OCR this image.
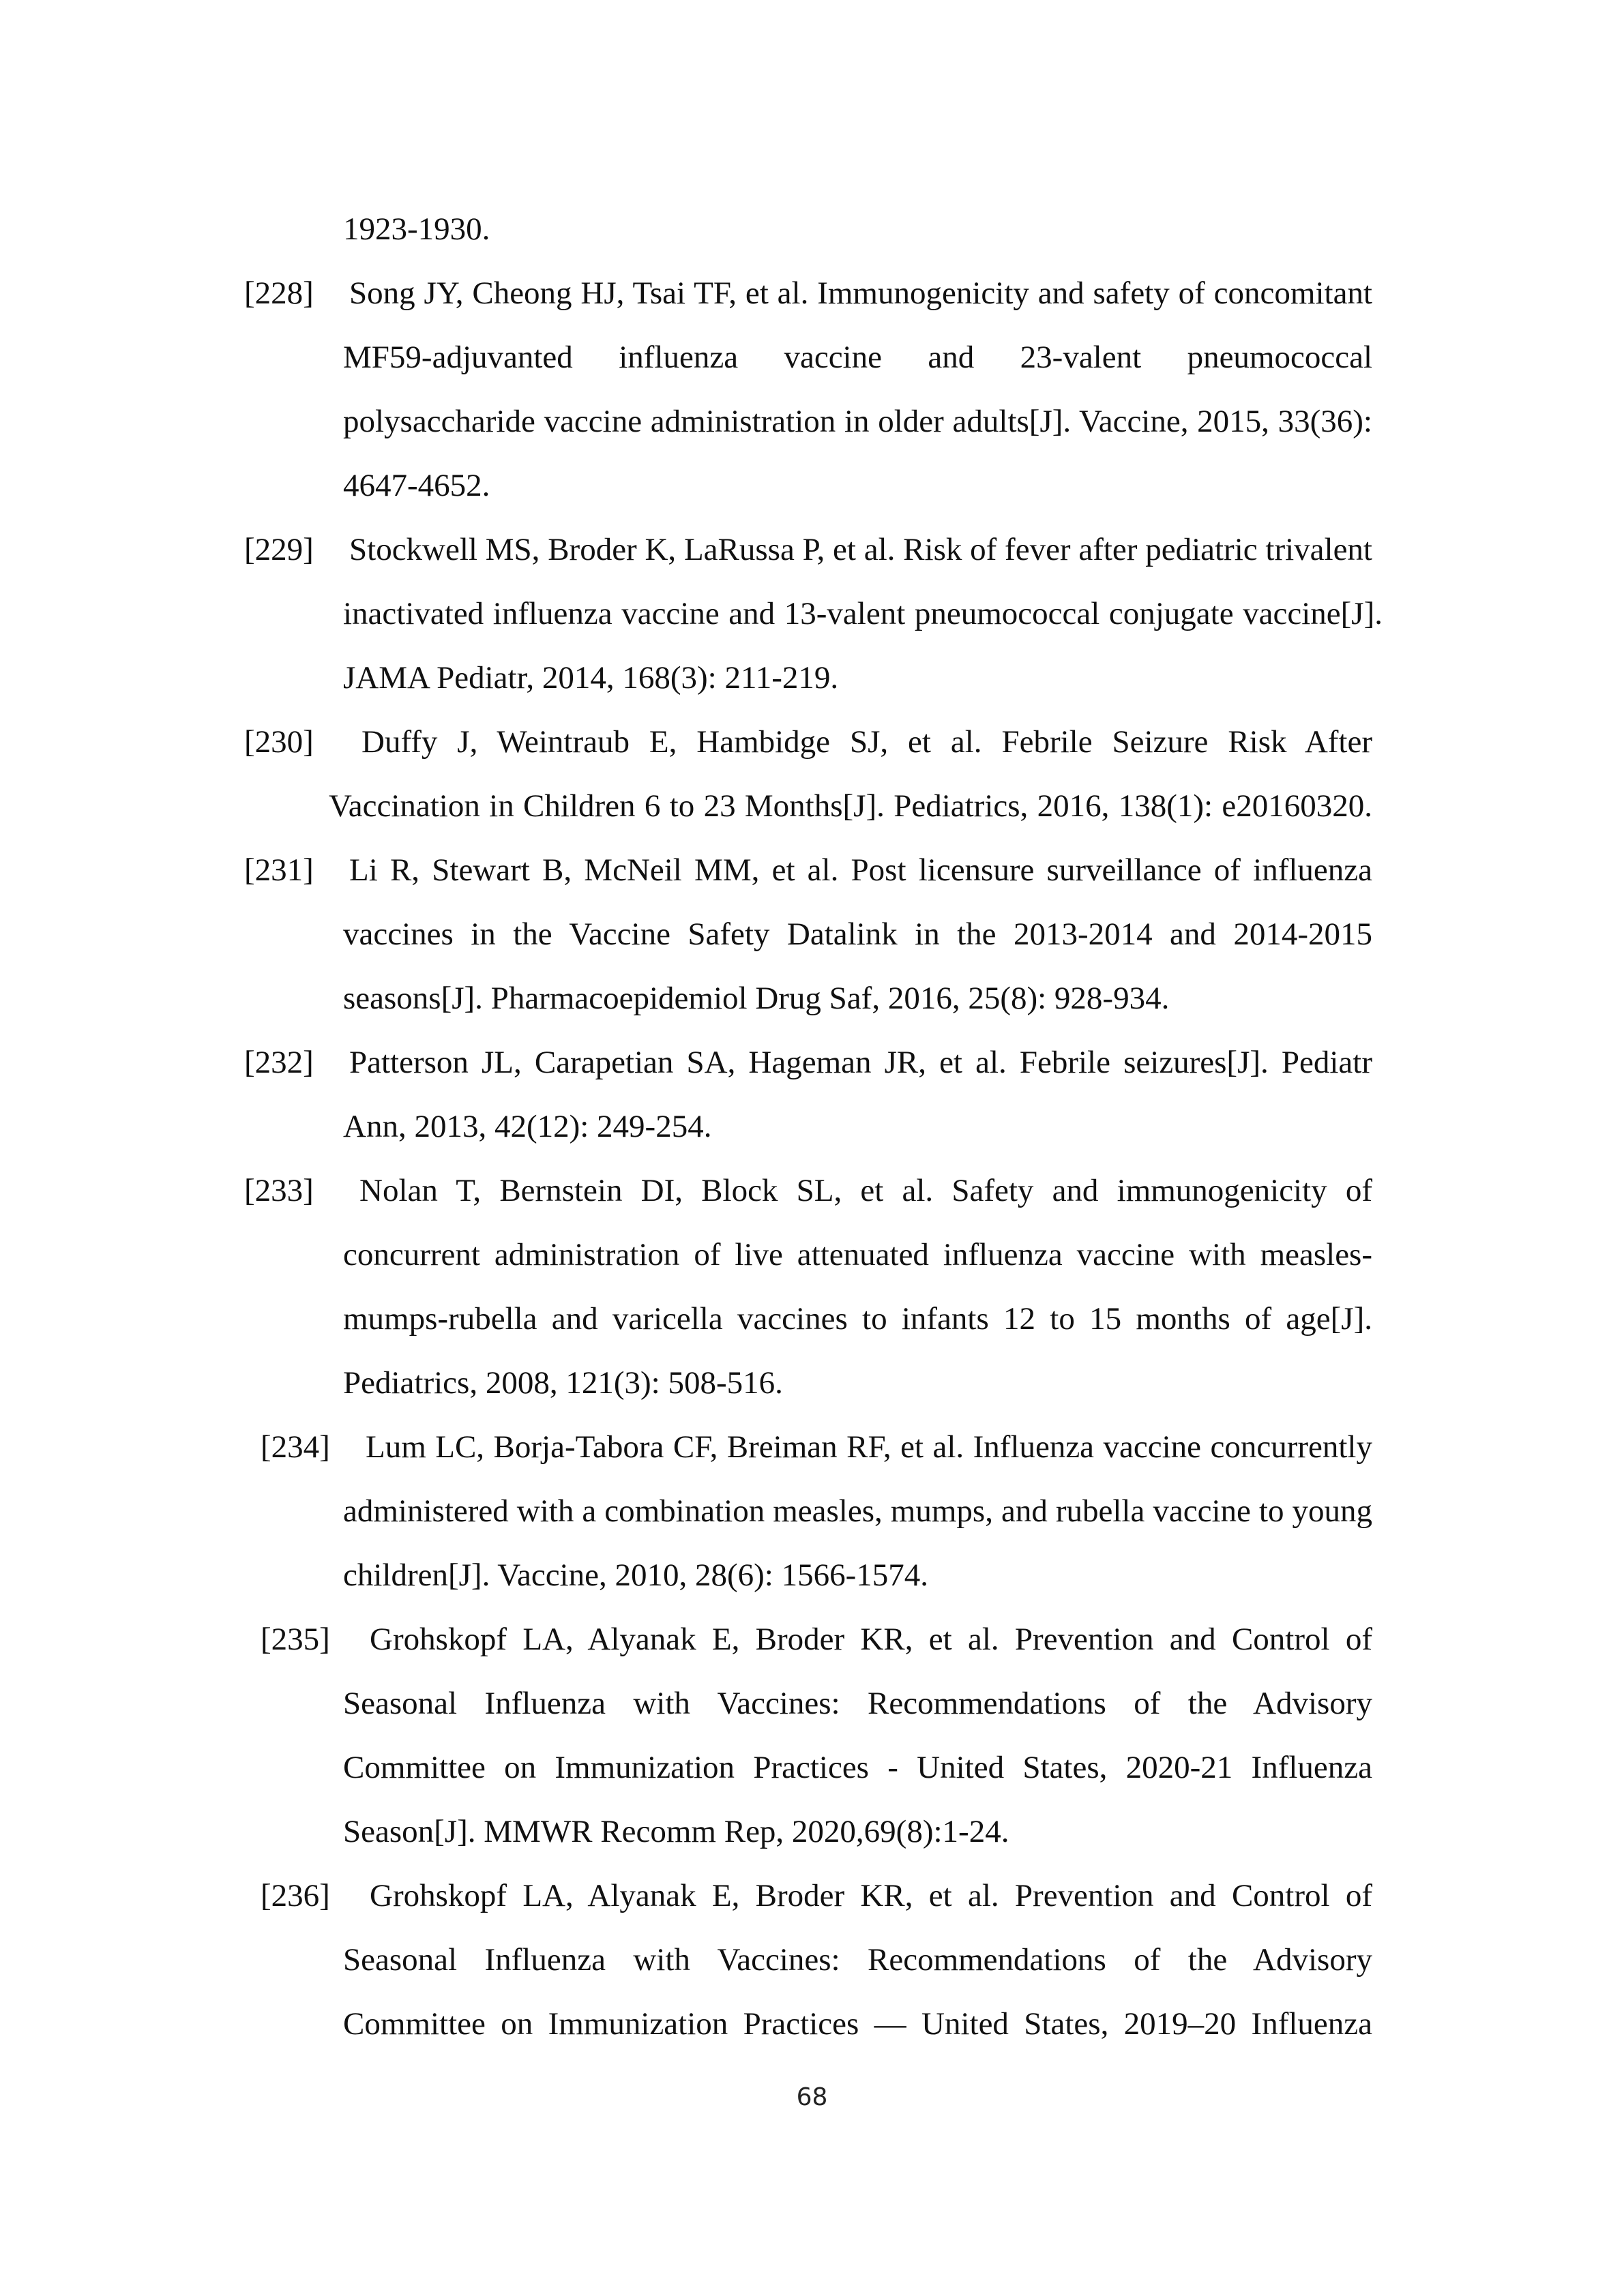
1923-1930.
[228] Song JY, Cheong HJ, Tsai TF, et al. Immunogenicity and safety of concomitant
MF59-adjuvanted influenza vaccine and 23-valent pneumococcal
polysaccharide vaccine administration in older adults[J]. Vaccine, 2015, 33(36):
4647-4652.
[229] Stockwell MS, Broder K, LaRussa P, et al. Risk of fever after pediatric trivalent
inactivated influenza vaccine and 13-valent pneumococcal conjugate vaccine[J].
JAMA Pediatr, 2014, 168(3): 211-219.
[230] Duffy J, Weintraub E, Hambidge SJ, et al. Febrile Seizure Risk After
Vaccination in Children 6 to 23 Months[J]. Pediatrics, 2016, 138(1): e20160320.
[231] Li R, Stewart B, McNeil MM, et al. Post licensure surveillance of influenza
vaccines in the Vaccine Safety Datalink in the 2013-2014 and 2014-2015
seasons[J]. Pharmacoepidemiol Drug Saf, 2016, 25(8): 928-934.
[232] Patterson JL, Carapetian SA, Hageman JR, et al. Febrile seizures[J]. Pediatr
Ann, 2013, 42(12): 249-254.
[233] Nolan T, Bernstein DI, Block SL, et al. Safety and immunogenicity of
concurrent administration of live attenuated influenza vaccine with measles-
mumps-rubella and varicella vaccines to infants 12 to 15 months of age[J].
Pediatrics, 2008, 121(3): 508-516.
[234] Lum LC, Borja-Tabora CF, Breiman RF, et al. Influenza vaccine concurrently
administered with a combination measles, mumps, and rubella vaccine to young
children[J]. Vaccine, 2010, 28(6): 1566-1574.
[235] Grohskopf LA, Alyanak E, Broder KR, et al. Prevention and Control of
Seasonal Influenza with Vaccines: Recommendations of the Advisory
Committee on Immunization Practices - United States, 2020-21 Influenza
Season[J]. MMWR Recomm Rep, 2020,69(8):1-24.
[236] Grohskopf LA, Alyanak E, Broder KR, et al. Prevention and Control of
Seasonal Influenza with Vaccines: Recommendations of the Advisory
Committee on Immunization Practices — United States, 2019–20 Influenza
68
